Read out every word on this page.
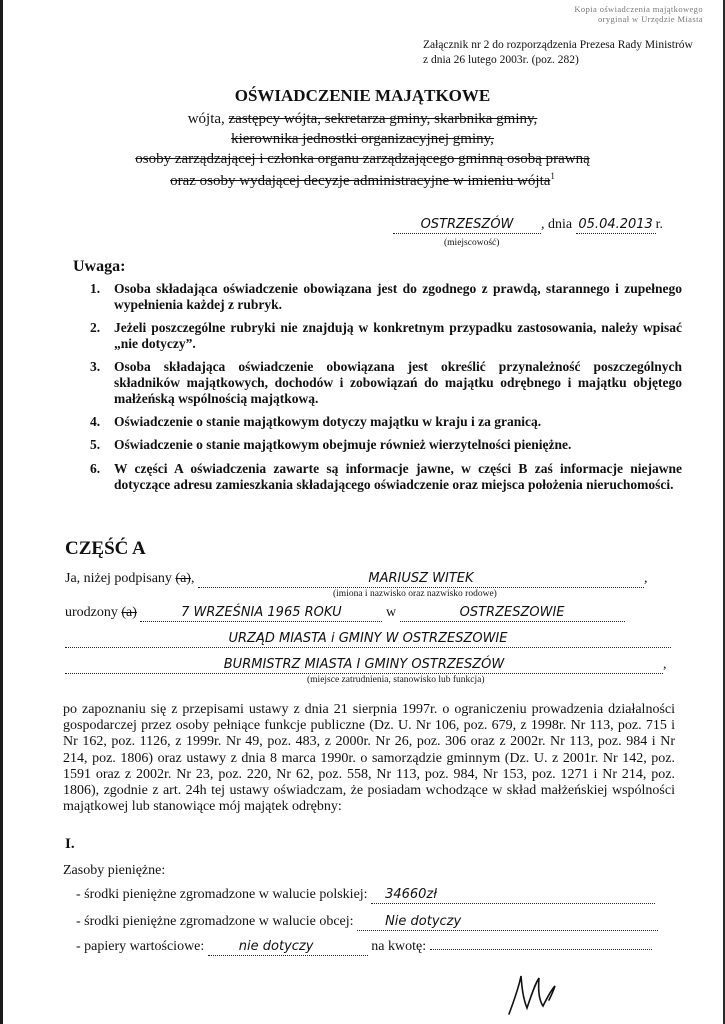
Kopia oświadczenia majątkowego
oryginał w Urzędzie Miasta
Załącznik nr 2 do rozporządzenia Prezesa Rady Ministrów
z dnia 26 lutego 2003r. (poz. 282)
OŚWIADCZENIE MAJĄTKOWE
wójta, zastępcy wójta, sekretarza gminy, skarbnika gminy,
kierownika jednostki organizacyjnej gminy,
osoby zarządzającej i członka organu zarządzającego gminną osobą prawną
oraz osoby wydającej decyzje administracyjne w imieniu wójta$^1$
OSTRZESZÓW , dnia 05.04.2013 r.
(miejscowość)
Uwaga:
1. Osoba składająca oświadczenie obowiązana jest do zgodnego z prawdą, starannego i zupełnego wypełnienia każdej z rubryk.
2. Jeżeli poszczególne rubryki nie znajdują w konkretnym przypadku zastosowania, należy wpisać „nie dotyczy”.
3. Osoba składająca oświadczenie obowiązana jest określić przynależność poszczególnych składników majątkowych, dochodów i zobowiązań do majątku odrębnego i majątku objętego małżeńską wspólnością majątkową.
4. Oświadczenie o stanie majątkowym dotyczy majątku w kraju i za granicą.
5. Oświadczenie o stanie majątkowym obejmuje również wierzytelności pieniężne.
6. W części A oświadczenia zawarte są informacje jawne, w części B zaś informacje niejawne dotyczące adresu zamieszkania składającego oświadczenie oraz miejsca położenia nieruchomości.
CZĘŚĆ A
Ja, niżej podpisany (a),	MARIUSZ WITEK	,
(imiona i nazwisko oraz nazwisko rodowe)
urodzony (a)	7 WRZEŚNIA 1965 ROKU	w	OSTRZESZOWIE
URZĄD MIASTA i GMINY W OSTRZESZOWIE
BURMISTRZ MIASTA I GMINY OSTRZESZÓW	,
(miejsce zatrudnienia, stanowisko lub funkcja)
po zapoznaniu się z przepisami ustawy z dnia 21 sierpnia 1997r. o ograniczeniu prowadzenia działalności gospodarczej przez osoby pełniące funkcje publiczne (Dz. U. Nr 106, poz. 679, z 1998r. Nr 113, poz. 715 i Nr 162, poz. 1126, z 1999r. Nr 49, poz. 483, z 2000r. Nr 26, poz. 306 oraz z 2002r. Nr 113, poz. 984 i Nr 214, poz. 1806) oraz ustawy z dnia 8 marca 1990r. o samorządzie gminnym (Dz. U. z 2001r. Nr 142, poz. 1591 oraz z 2002r. Nr 23, poz. 220, Nr 62, poz. 558, Nr 113, poz. 984, Nr 153, poz. 1271 i Nr 214, poz. 1806), zgodnie z art. 24h tej ustawy oświadczam, że posiadam wchodzące w skład małżeńskiej wspólności majątkowej lub stanowiące mój majątek odrębny:
I.
Zasoby pieniężne:
- środki pieniężne zgromadzone w walucie polskiej: 34660zł
- środki pieniężne zgromadzone w walucie obcej: Nie dotyczy
- papiery wartościowe:	nie dotyczy	na kwotę:
